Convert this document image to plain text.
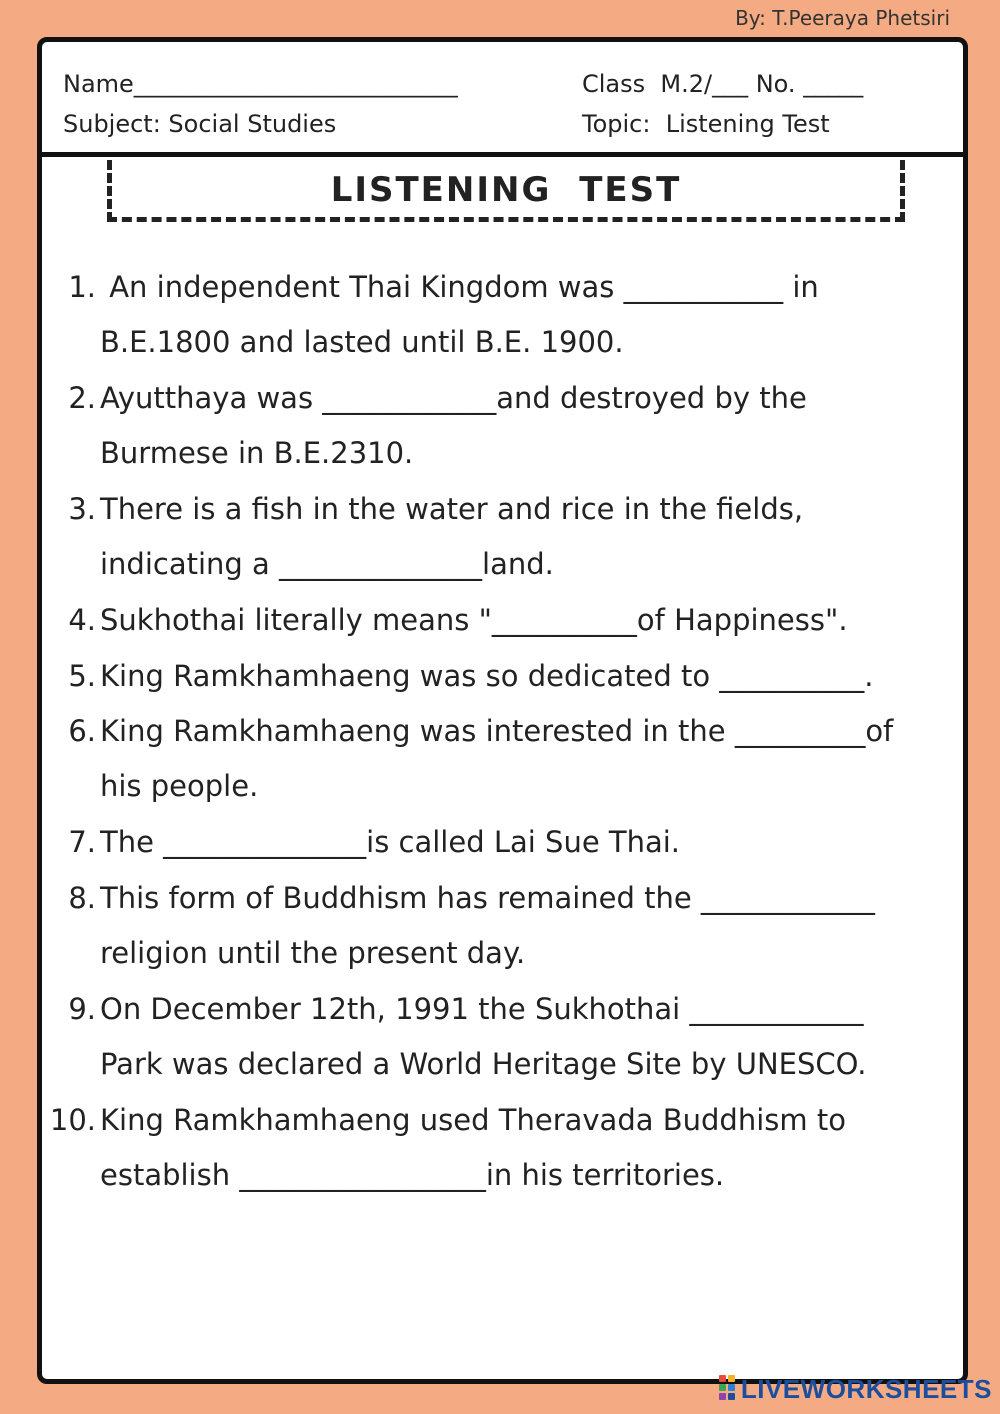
By: T.Peeraya Phetsiri
Name___________________________	Class  M.2/___ No. _____
Subject: Social Studies	Topic:  Listening Test
LISTENING TEST
1. An independent Thai Kingdom was ___________ in
B.E.1800 and lasted until B.E. 1900.
2. Ayutthaya was ____________and destroyed by the
Burmese in B.E.2310.
3. There is a fish in the water and rice in the fields,
indicating a ______________land.
4. Sukhothai literally means "__________of Happiness".
5. King Ramkhamhaeng was so dedicated to __________.
6. King Ramkhamhaeng was interested in the _________of
his people.
7. The ______________is called Lai Sue Thai.
8. This form of Buddhism has remained the ____________
religion until the present day.
9. On December 12th, 1991 the Sukhothai ____________
Park was declared a World Heritage Site by UNESCO.
10. King Ramkhamhaeng used Theravada Buddhism to
establish _________________in his territories.
LIVEWORKSHEETS
